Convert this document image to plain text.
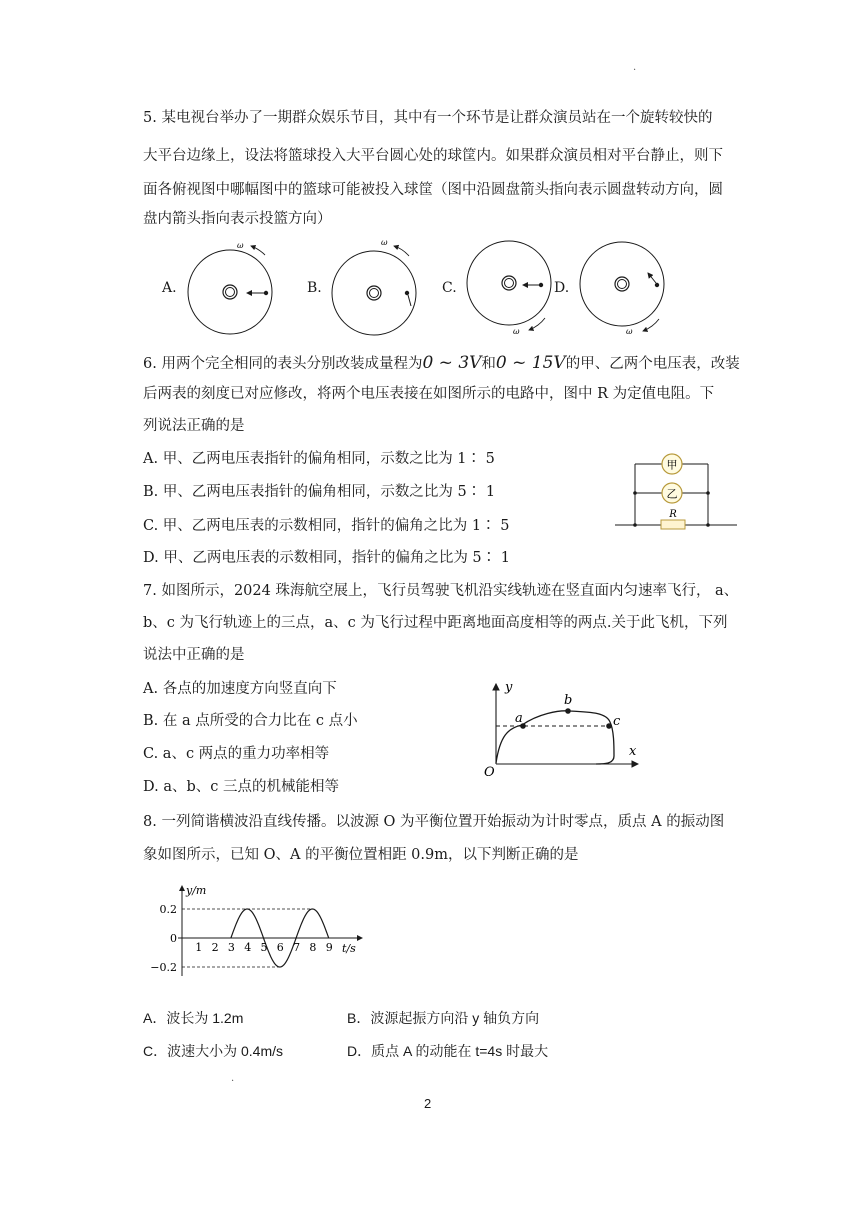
.
5. 某电视台举办了一期群众娱乐节目，其中有一个环节是让群众演员站在一个旋转较快的
大平台边缘上，设法将篮球投入大平台圆心处的球筐内。如果群众演员相对平台静止，则下
面各俯视图中哪幅图中的篮球可能被投入球筐（图中沿圆盘箭头指向表示圆盘转动方向，圆
盘内箭头指向表示投篮方向）
A.	B.	C.	D.
ω	ω
ω	ω
6. 用两个完全相同的表头分别改装成量程为0 ~ 3V和0 ~ 15V的甲、乙两个电压表，改装
后两表的刻度已对应修改，将两个电压表接在如图所示的电路中，图中 R 为定值电阻。下
列说法正确的是
A. 甲、乙两电压表指针的偏角相同，示数之比为 1∶ 5
B. 甲、乙两电压表指针的偏角相同，示数之比为 5∶ 1
C. 甲、乙两电压表的示数相同，指针的偏角之比为 1∶ 5
D. 甲、乙两电压表的示数相同，指针的偏角之比为 5∶ 1
甲
乙
R
7. 如图所示，2024 珠海航空展上，飞行员驾驶飞机沿实线轨迹在竖直面内匀速率飞行， a、
b、c 为飞行轨迹上的三点，a、c 为飞行过程中距离地面高度相等的两点.关于此飞机，下列
说法中正确的是
A. 各点的加速度方向竖直向下
B. 在 a 点所受的合力比在 c 点小
C. a、c 两点的重力功率相等
D. a、b、c 三点的机械能相等
y
x
O
a
b
c
8. 一列简谐横波沿直线传播。以波源 O 为平衡位置开始振动为计时零点，质点 A 的振动图
象如图所示，已知 O、A 的平衡位置相距 0.9m，以下判断正确的是
1 2 3 4 5 6 7 8 9
0.2
0
−0.2
y/m
t/s
A．波长为 1.2m	B．波源起振方向沿 y 轴负方向
C．波速大小为 0.4m/s	D．质点 A 的动能在 t=4s 时最大
.
2
